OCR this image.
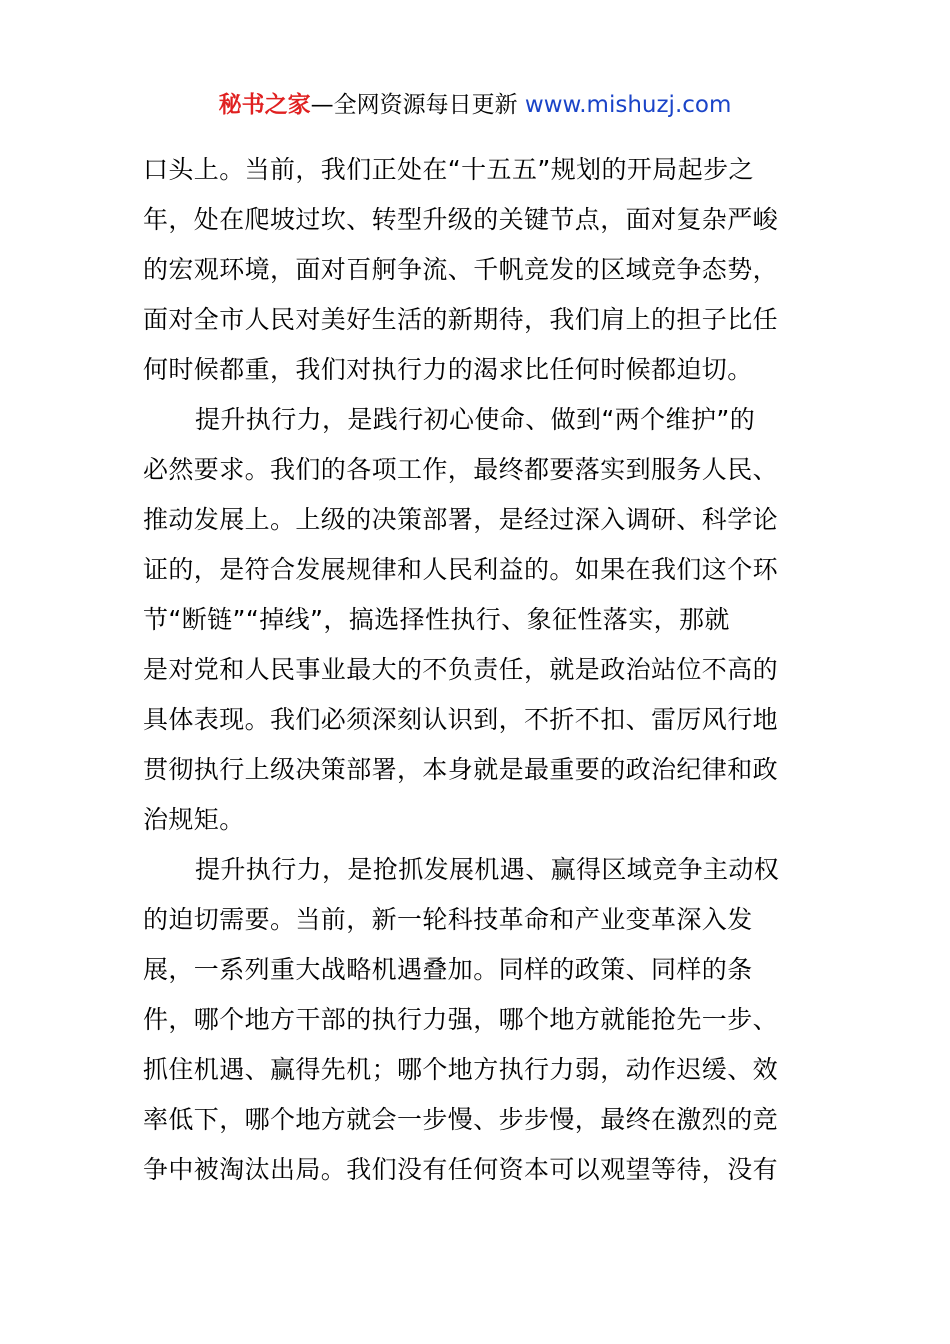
秘书之家—全网资源每日更新 www.mishuzj.com
口头上。当前，我们正处在“十五五”规划的开局起步之
年，处在爬坡过坎、转型升级的关键节点，面对复杂严峻
的宏观环境，面对百舸争流、千帆竞发的区域竞争态势，
面对全市人民对美好生活的新期待，我们肩上的担子比任
何时候都重，我们对执行力的渴求比任何时候都迫切。
提升执行力，是践行初心使命、做到“两个维护”的
必然要求。我们的各项工作，最终都要落实到服务人民、
推动发展上。上级的决策部署，是经过深入调研、科学论
证的，是符合发展规律和人民利益的。如果在我们这个环
节“断链”“掉线”，搞选择性执行、象征性落实，那就
是对党和人民事业最大的不负责任，就是政治站位不高的
具体表现。我们必须深刻认识到，不折不扣、雷厉风行地
贯彻执行上级决策部署，本身就是最重要的政治纪律和政
治规矩。
提升执行力，是抢抓发展机遇、赢得区域竞争主动权
的迫切需要。当前，新一轮科技革命和产业变革深入发
展，一系列重大战略机遇叠加。同样的政策、同样的条
件，哪个地方干部的执行力强，哪个地方就能抢先一步、
抓住机遇、赢得先机；哪个地方执行力弱，动作迟缓、效
率低下，哪个地方就会一步慢、步步慢，最终在激烈的竞
争中被淘汰出局。我们没有任何资本可以观望等待，没有
